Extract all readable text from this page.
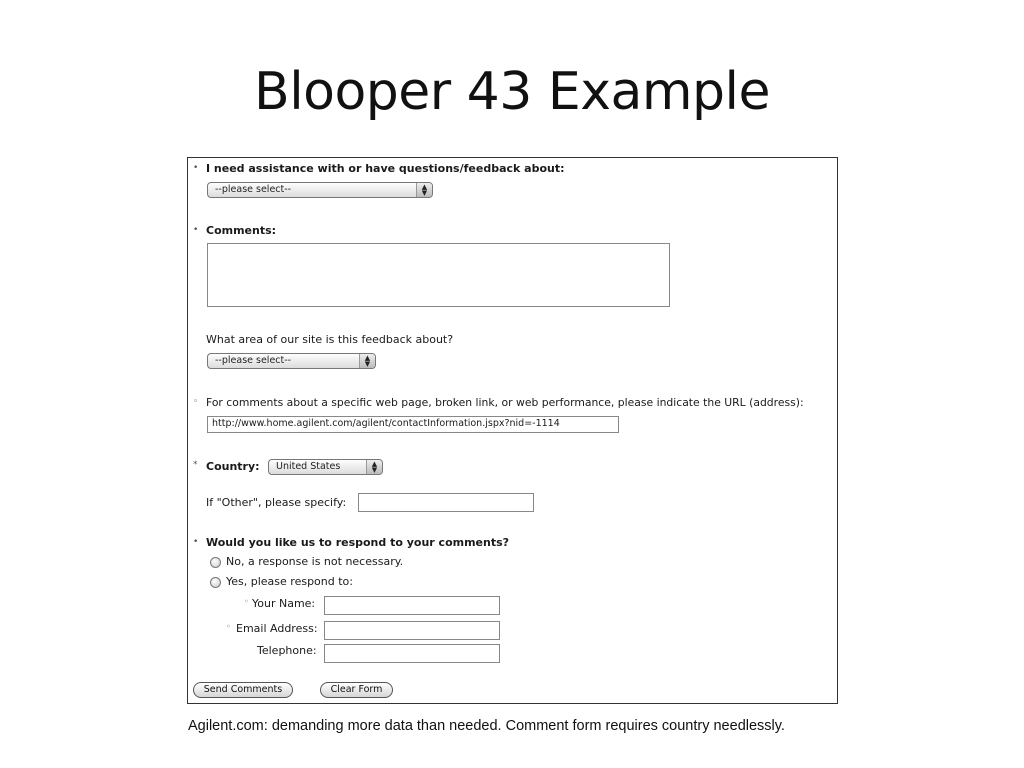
Blooper 43 Example
• I need assistance with or have questions/feedback about:
--please select--	▲
▼
• Comments:
What area of our site is this feedback about?
--please select--	▲
▼
◦ For comments about a specific web page, broken link, or web performance, please indicate the URL (address):
http://www.home.agilent.com/agilent/contactInformation.jspx?nid=-1114
* Country:	United States	▲
▼
If "Other", please specify:
• Would you like us to respond to your comments?
No, a response is not necessary.
Yes, please respond to:
◦ Your Name:
◦ Email Address:
Telephone:
Send Comments	Clear Form
Agilent.com: demanding more data than needed. Comment form requires country needlessly.
